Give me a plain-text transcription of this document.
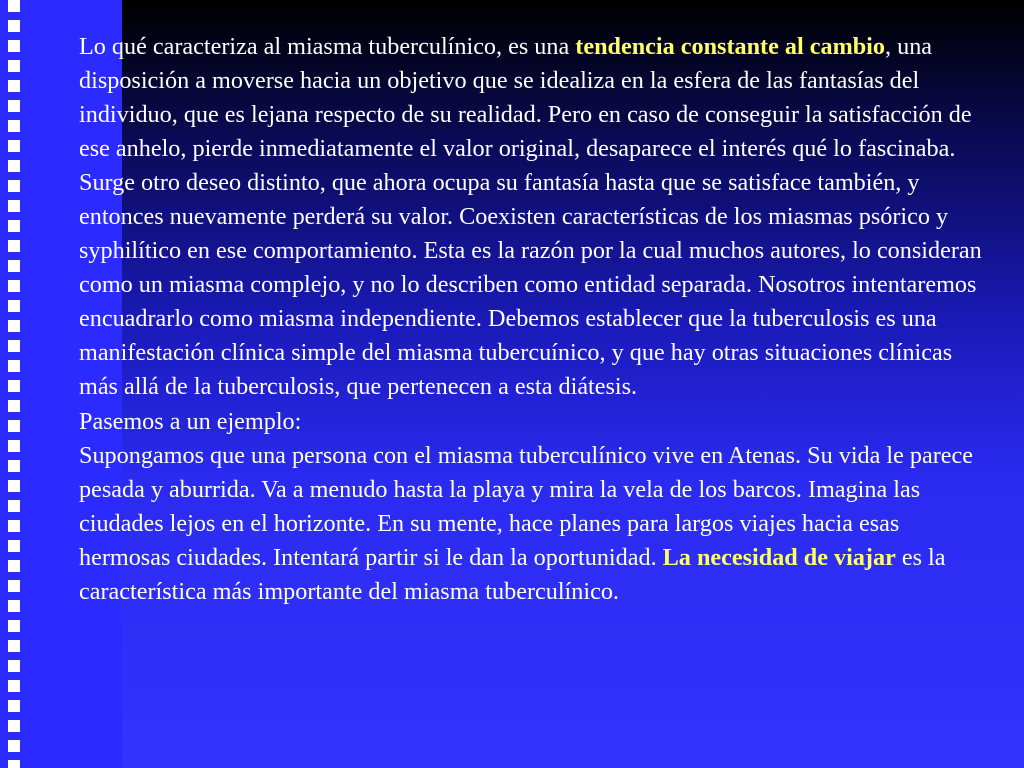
Lo qué caracteriza al miasma tuberculínico, es una tendencia constante al cambio, una disposición a moverse hacia un objetivo que se idealiza en la esfera de las fantasías del individuo, que es lejana respecto de su realidad. Pero en caso de conseguir la satisfacción de ese anhelo, pierde inmediatamente el valor original, desaparece el interés qué lo fascinaba. Surge otro deseo distinto, que ahora ocupa su fantasía hasta que se satisface también, y entonces nuevamente perderá su valor. Coexisten características de los miasmas psórico y syphilítico en ese comportamiento. Esta es la razón por la cual muchos autores, lo consideran como un miasma complejo, y no lo describen como entidad separada. Nosotros intentaremos encuadrarlo como miasma independiente. Debemos establecer que la tuberculosis es una manifestación clínica simple del miasma tubercuínico, y que hay otras situaciones clínicas más allá de la tuberculosis, que pertenecen a esta diátesis.

Pasemos a un ejemplo:

Supongamos que una persona con el miasma tuberculínico vive en Atenas. Su vida le parece pesada y aburrida. Va a menudo hasta la playa y mira la vela de los barcos. Imagina las ciudades lejos en el horizonte. En su mente, hace planes para largos viajes hacia esas hermosas ciudades. Intentará partir si le dan la oportunidad. La necesidad de viajar es la característica más importante del miasma tuberculínico.
